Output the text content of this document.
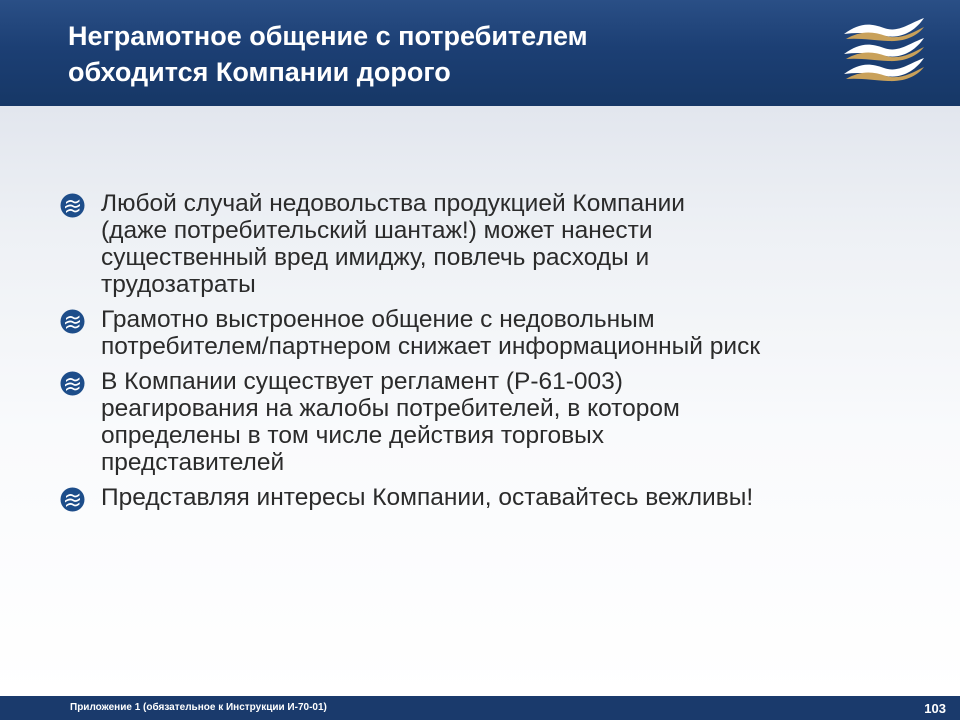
Неграмотное общение с потребителем
обходится Компании дорого
Любой случай недовольства продукцией Компании
(даже потребительский шантаж!) может нанести
существенный вред имиджу, повлечь расходы и
трудозатраты
Грамотно выстроенное общение с недовольным
потребителем/партнером снижает информационный риск
В Компании существует регламент (Р-61-003)
реагирования на жалобы потребителей, в котором
определены в том числе действия торговых
представителей
Представляя интересы Компании, оставайтесь вежливы!
Приложение 1 (обязательное к Инструкции И-70-01)	103
